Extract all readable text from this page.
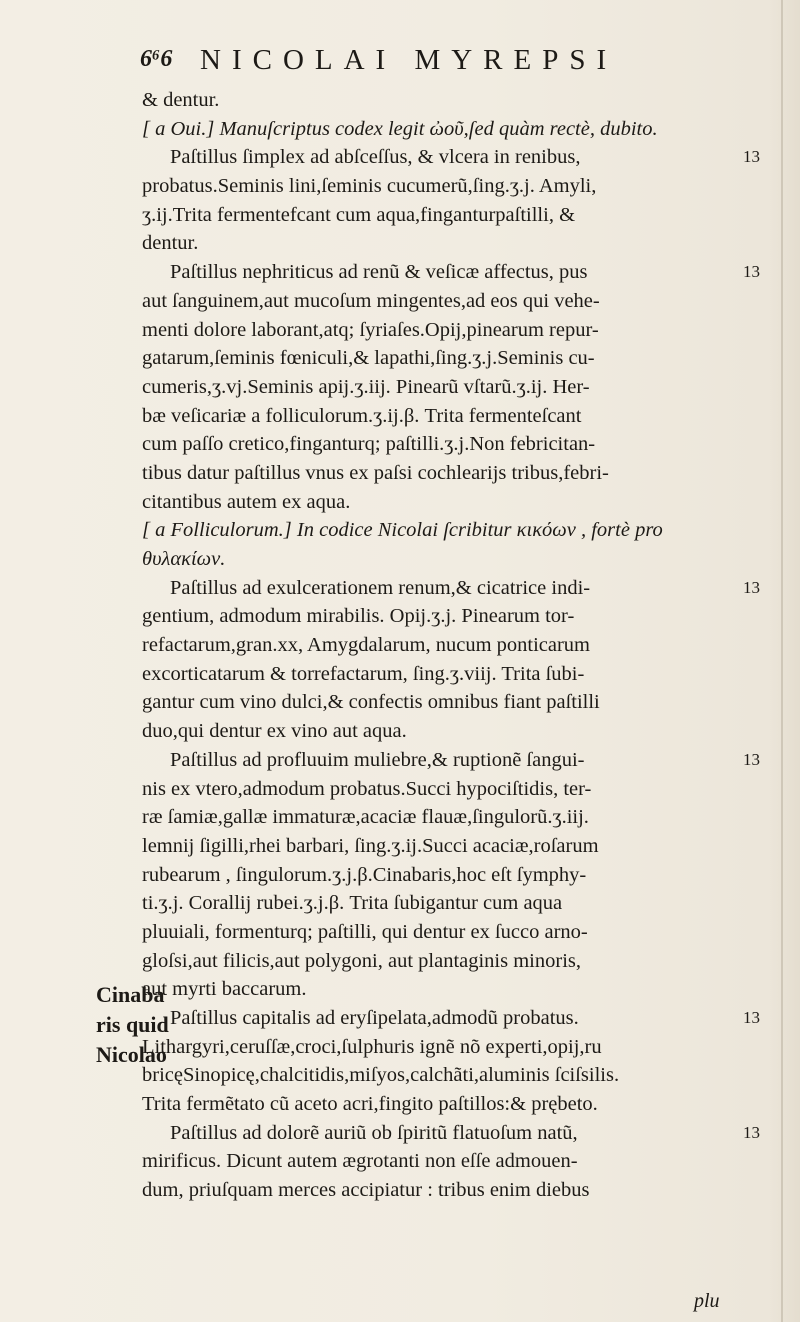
6⁶6 NICOLAI MYREPSI
Cinaba
ris quid
Nicolao
& dentur.
[ a Oui.] Manuſcriptus codex legit ὠοῦ,ſed quàm rectè, dubito.
Paſtillus ſimplex ad abſceſſus, & vlcera in renibus,	13
probatus.Seminis lini,ſeminis cucumerũ,ſing.ʒ.j. Amyli,
ʒ.ij.Trita fermentefcant cum aqua,finganturpaſtilli, &
dentur.
Paſtillus nephriticus ad renũ & veſicæ affectus, pus	13
aut ſanguinem,aut mucoſum mingentes,ad eos qui vehe-
menti dolore laborant,atq; ſyriaſes.Opij,pinearum repur-
gatarum,ſeminis fœniculi,& lapathi,ſing.ʒ.j.Seminis cu-
cumeris,ʒ.vj.Seminis apij.ʒ.iij. Pinearũ vſtarũ.ʒ.ij. Her-
bæ veſicariæ a folliculorum.ʒ.ij.β. Trita fermenteſcant
cum paſſo cretico,finganturq; paſtilli.ʒ.j.Non febricitan-
tibus datur paſtillus vnus ex paſsi cochlearijs tribus,febri-
citantibus autem ex aqua.
[ a Folliculorum.] In codice Nicolai ſcribitur κικόων , fortè pro
θυλακίων.
Paſtillus ad exulcerationem renum,& cicatrice indi-	13
gentium, admodum mirabilis. Opij.ʒ.j. Pinearum tor-
refactarum,gran.xx, Amygdalarum, nucum ponticarum
excorticatarum & torrefactarum, ſing.ʒ.viij. Trita ſubi-
gantur cum vino dulci,& confectis omnibus fiant paſtilli
duo,qui dentur ex vino aut aqua.
Paſtillus ad profluuim muliebre,& ruptionẽ ſangui-	13
nis ex vtero,admodum probatus.Succi hypociſtidis, ter-
ræ ſamiæ,gallæ immaturæ,acaciæ flauæ,ſingulorũ.ʒ.iij.
lemnij ſigilli,rhei barbari, ſing.ʒ.ij.Succi acaciæ,roſarum
rubearum , ſingulorum.ʒ.j.β.Cinabaris,hoc eſt ſymphy-
ti.ʒ.j. Corallij rubei.ʒ.j.β. Trita ſubigantur cum aqua
pluuiali, formenturq; paſtilli, qui dentur ex ſucco arno-
gloſsi,aut filicis,aut polygoni, aut plantaginis minoris,
aut myrti baccarum.
Paſtillus capitalis ad eryſipelata,admodũ probatus.	13
Lithargyri,ceruſſæ,croci,ſulphuris ignẽ nõ experti,opij,ru
bricęSinopicę,chalcitidis,miſyos,calchãti,aluminis ſciſsilis.
Trita fermẽtato cũ aceto acri,fingito paſtillos:& prębeto.
Paſtillus ad dolorẽ auriũ ob ſpiritũ flatuoſum natũ,	13
mirificus. Dicunt autem ægrotanti non eſſe admouen-
dum, priuſquam merces accipiatur : tribus enim diebus
plu
